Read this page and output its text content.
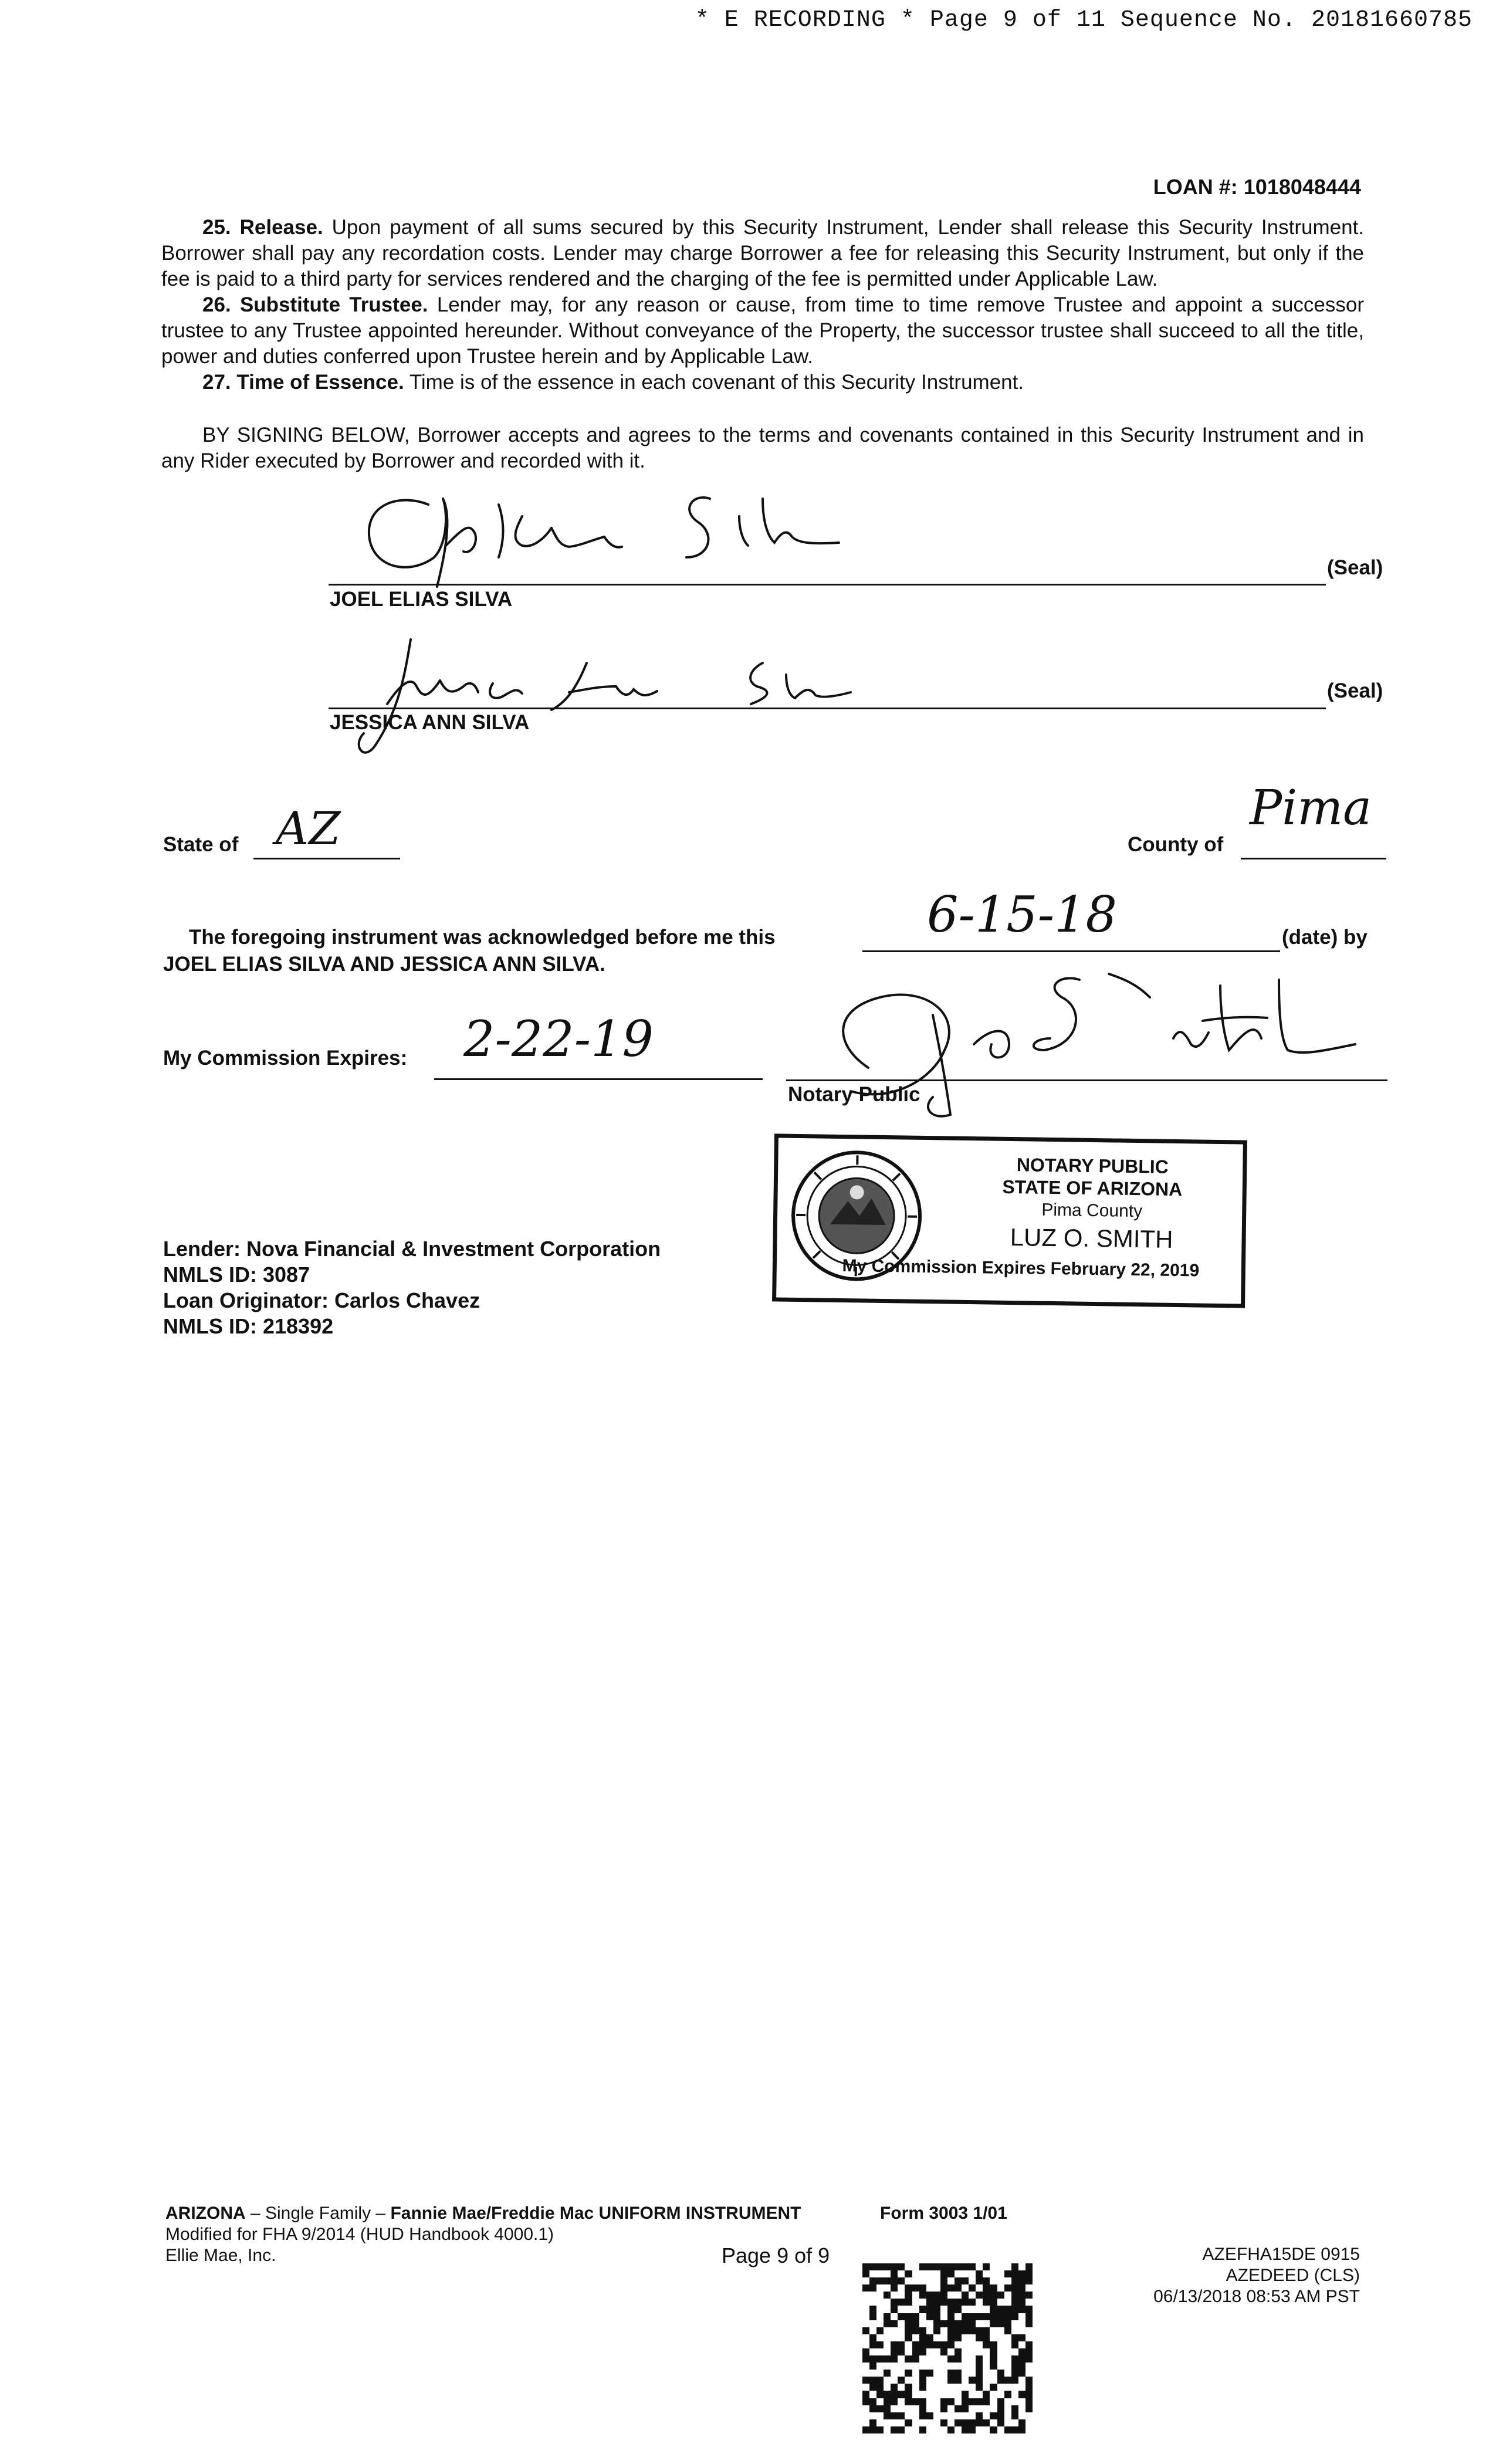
* E RECORDING * Page 9 of 11 Sequence No. 20181660785
LOAN #: 1018048444
25. Release. Upon payment of all sums secured by this Security Instrument, Lender shall release this Security Instrument. Borrower shall pay any recordation costs. Lender may charge Borrower a fee for releasing this Security Instrument, but only if the fee is paid to a third party for services rendered and the charging of the fee is permitted under Applicable Law.
26. Substitute Trustee. Lender may, for any reason or cause, from time to time remove Trustee and appoint a successor trustee to any Trustee appointed hereunder. Without conveyance of the Property, the successor trustee shall succeed to all the title, power and duties conferred upon Trustee herein and by Applicable Law.
27. Time of Essence. Time is of the essence in each covenant of this Security Instrument.
BY SIGNING BELOW, Borrower accepts and agrees to the terms and covenants contained in this Security Instrument and in any Rider executed by Borrower and recorded with it.
(Seal)
JOEL ELIAS SILVA
(Seal)
JESSICA ANN SILVA
State of AZ	County of
Pima
The foregoing instrument was acknowledged before me this	6-15-18	(date) by
JOEL ELIAS SILVA AND JESSICA ANN SILVA.
My Commission Expires: 2-22-19
Notary Public
NOTARY PUBLIC
STATE OF ARIZONA
Pima County
LUZ O. SMITH
My Commission Expires February 22, 2019
Lender: Nova Financial & Investment Corporation
NMLS ID: 3087
Loan Originator: Carlos Chavez
NMLS ID: 218392
ARIZONA – Single Family – Fannie Mae/Freddie Mac UNIFORM INSTRUMENT	Form 3003 1/01
Modified for FHA 9/2014 (HUD Handbook 4000.1)
Ellie Mae, Inc.	Page 9 of 9	AZEFHA15DE 0915
AZEDEED (CLS)
06/13/2018 08:53 AM PST
